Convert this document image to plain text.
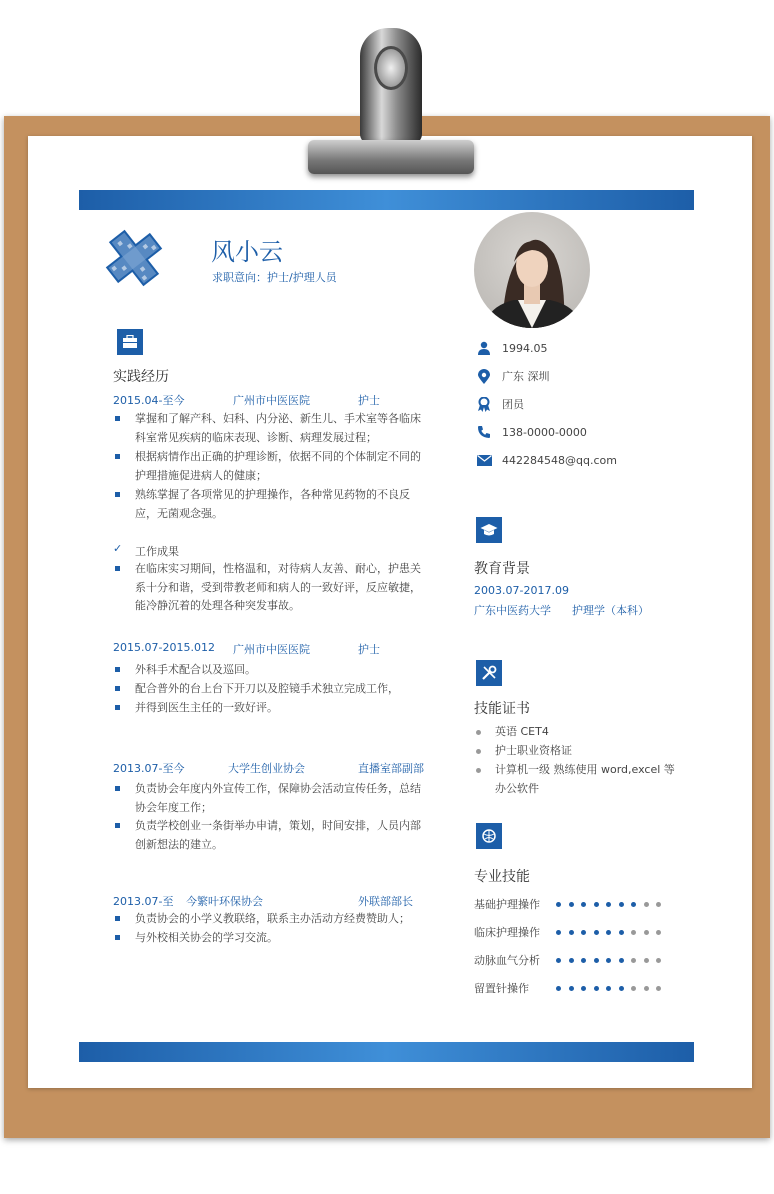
风小云
求职意向：护士/护理人员
实践经历
2015.04-至今	广州市中医医院	护士
掌握和了解产科、妇科、内分泌、新生儿、手术室等各临床科室常见疾病的临床表现、诊断、病理发展过程；
根据病情作出正确的护理诊断，依据不同的个体制定不同的护理措施促进病人的健康；
熟练掌握了各项常见的护理操作，各种常见药物的不良反应，无菌观念强。
✓ 工作成果
在临床实习期间，性格温和，对待病人友善、耐心，护患关系十分和谐，受到带教老师和病人的一致好评，反应敏捷，能冷静沉着的处理各种突发事故。
2015.07-2015.012 广州市中医医院	护士
外科手术配合以及巡回。
配合普外的台上台下开刀以及腔镜手术独立完成工作，
并得到医生主任的一致好评。
2013.07-至今	大学生创业协会	直播室部副部
负责协会年度内外宣传工作，保障协会活动宣传任务，总结协会年度工作；
负责学校创业一条街举办申请，策划，时间安排，人员内部创新想法的建立。
2013.07-至 今繁叶环保协会	外联部部长
负责协会的小学义教联络，联系主办活动方经费赞助人；
与外校相关协会的学习交流。
1994.05
广东 深圳
团员
138-0000-0000
442284548@qq.com
教育背景
2003.07-2017.09
广东中医药大学 护理学（本科）
技能证书
英语 CET4
护士职业资格证
计算机一级 熟练使用 word,excel 等办公软件
专业技能
基础护理操作
临床护理操作
动脉血气分析
留置针操作
